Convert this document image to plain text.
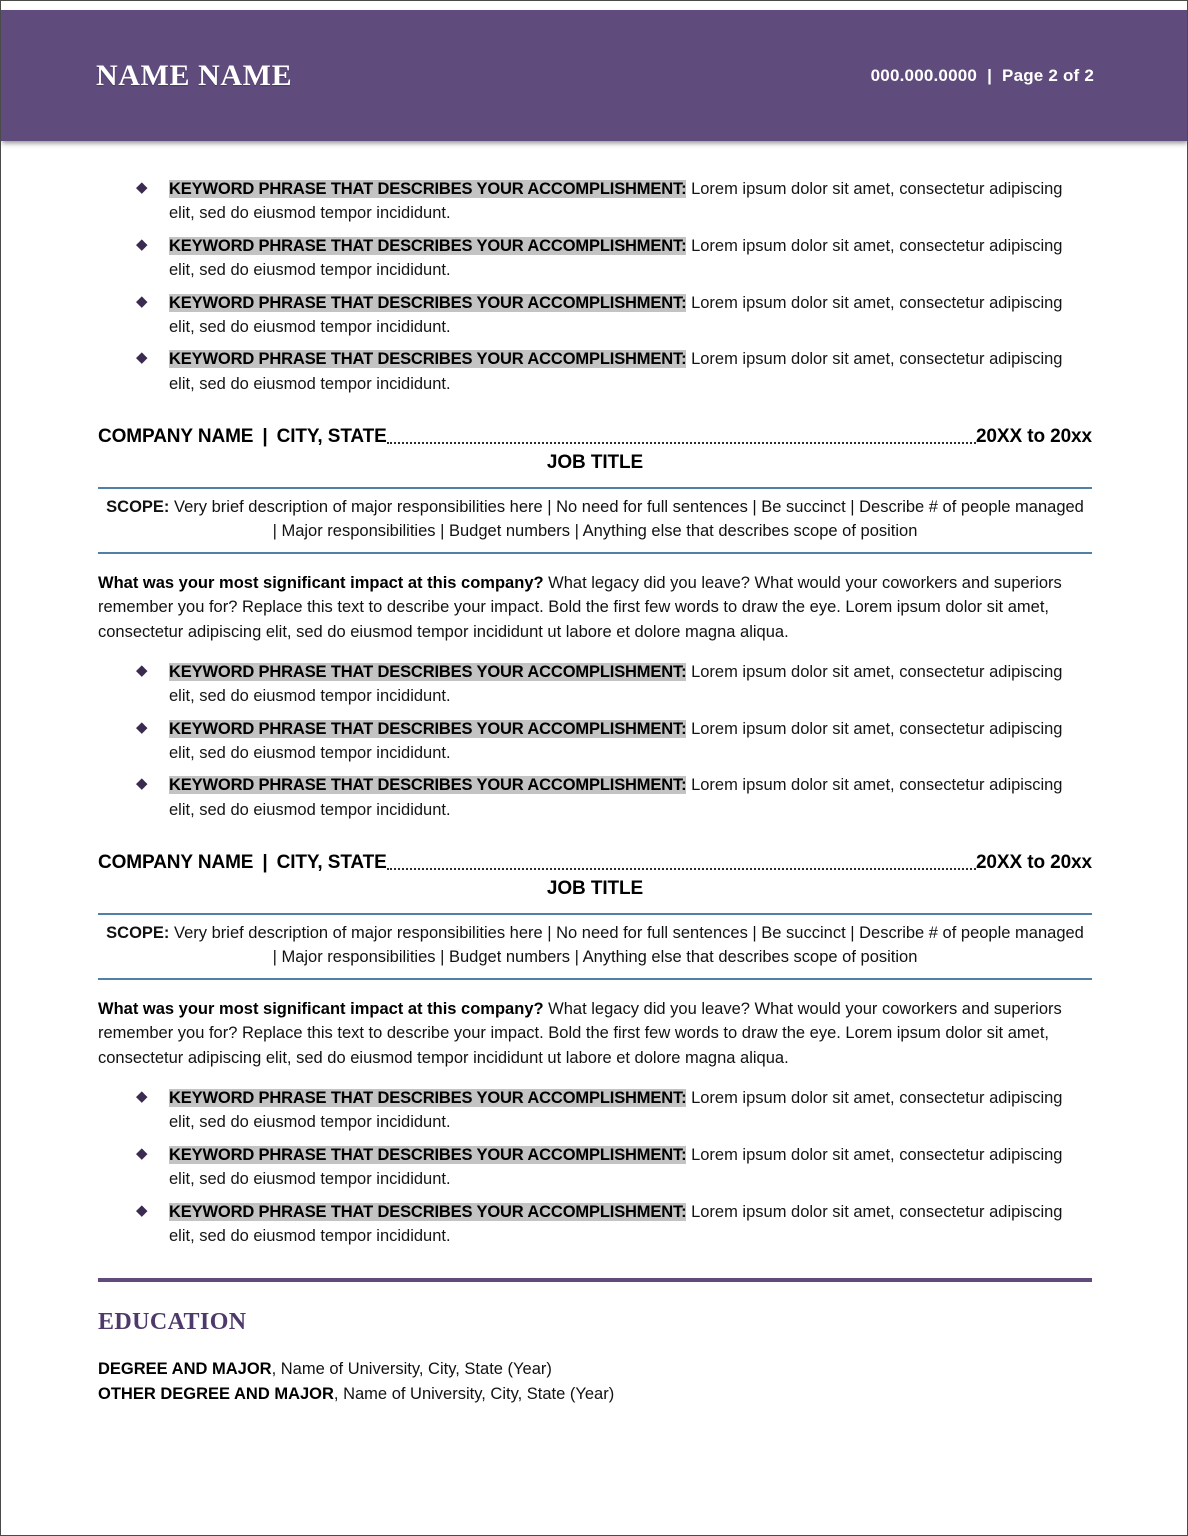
NAME NAME	000.000.0000 | Page 2 of 2
◆ KEYWORD PHRASE THAT DESCRIBES YOUR ACCOMPLISHMENT: Lorem ipsum dolor sit amet, consectetur adipiscing elit, sed do eiusmod tempor incididunt.
◆ KEYWORD PHRASE THAT DESCRIBES YOUR ACCOMPLISHMENT: Lorem ipsum dolor sit amet, consectetur adipiscing elit, sed do eiusmod tempor incididunt.
◆ KEYWORD PHRASE THAT DESCRIBES YOUR ACCOMPLISHMENT: Lorem ipsum dolor sit amet, consectetur adipiscing elit, sed do eiusmod tempor incididunt.
◆ KEYWORD PHRASE THAT DESCRIBES YOUR ACCOMPLISHMENT: Lorem ipsum dolor sit amet, consectetur adipiscing elit, sed do eiusmod tempor incididunt.
COMPANY NAME | CITY, STATE	20XX to 20xx
JOB TITLE
SCOPE: Very brief description of major responsibilities here | No need for full sentences | Be succinct | Describe # of people managed | Major responsibilities | Budget numbers | Anything else that describes scope of position
What was your most significant impact at this company? What legacy did you leave? What would your coworkers and superiors remember you for? Replace this text to describe your impact. Bold the first few words to draw the eye. Lorem ipsum dolor sit amet, consectetur adipiscing elit, sed do eiusmod tempor incididunt ut labore et dolore magna aliqua.
◆ KEYWORD PHRASE THAT DESCRIBES YOUR ACCOMPLISHMENT: Lorem ipsum dolor sit amet, consectetur adipiscing elit, sed do eiusmod tempor incididunt.
◆ KEYWORD PHRASE THAT DESCRIBES YOUR ACCOMPLISHMENT: Lorem ipsum dolor sit amet, consectetur adipiscing elit, sed do eiusmod tempor incididunt.
◆ KEYWORD PHRASE THAT DESCRIBES YOUR ACCOMPLISHMENT: Lorem ipsum dolor sit amet, consectetur adipiscing elit, sed do eiusmod tempor incididunt.
COMPANY NAME | CITY, STATE	20XX to 20xx
JOB TITLE
SCOPE: Very brief description of major responsibilities here | No need for full sentences | Be succinct | Describe # of people managed | Major responsibilities | Budget numbers | Anything else that describes scope of position
What was your most significant impact at this company? What legacy did you leave? What would your coworkers and superiors remember you for? Replace this text to describe your impact. Bold the first few words to draw the eye. Lorem ipsum dolor sit amet, consectetur adipiscing elit, sed do eiusmod tempor incididunt ut labore et dolore magna aliqua.
◆ KEYWORD PHRASE THAT DESCRIBES YOUR ACCOMPLISHMENT: Lorem ipsum dolor sit amet, consectetur adipiscing elit, sed do eiusmod tempor incididunt.
◆ KEYWORD PHRASE THAT DESCRIBES YOUR ACCOMPLISHMENT: Lorem ipsum dolor sit amet, consectetur adipiscing elit, sed do eiusmod tempor incididunt.
◆ KEYWORD PHRASE THAT DESCRIBES YOUR ACCOMPLISHMENT: Lorem ipsum dolor sit amet, consectetur adipiscing elit, sed do eiusmod tempor incididunt.
EDUCATION
DEGREE AND MAJOR, Name of University, City, State (Year)
OTHER DEGREE AND MAJOR, Name of University, City, State (Year)
